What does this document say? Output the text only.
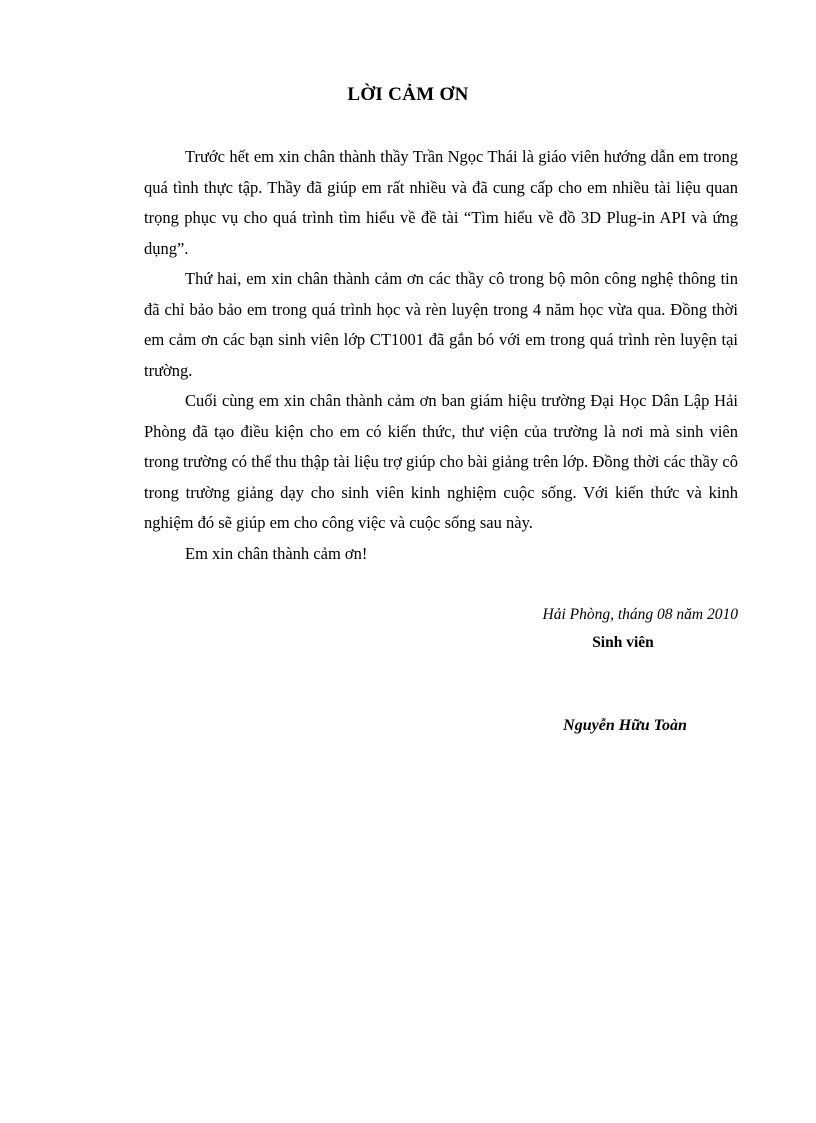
LỜI CẢM ƠN

Trước hết em xin chân thành thầy Trần Ngọc Thái là giáo viên hướng dẫn em trong quá tình thực tập. Thầy đã giúp em rất nhiều và đã cung cấp cho em nhiều tài liệu quan trọng phục vụ cho quá trình tìm hiểu về đề tài “Tìm hiểu về đồ 3D Plug-in API và ứng dụng”.

Thứ hai, em xin chân thành cảm ơn các thầy cô trong bộ môn công nghệ thông tin đã chỉ bảo bảo em trong quá trình học và rèn luyện trong 4 năm học vừa qua. Đồng thời em cảm ơn các bạn sinh viên lớp CT1001 đã gắn bó với em trong quá trình rèn luyện tại trường.

Cuối cùng em xin chân thành cảm ơn ban giám hiệu trường Đại Học Dân Lập Hải Phòng đã tạo điều kiện cho em có kiến thức, thư viện của trường là nơi mà sinh viên trong trường có thể thu thập tài liệu trợ giúp cho bài giảng trên lớp. Đồng thời các thầy cô trong trường giảng dạy cho sinh viên kinh nghiệm cuộc sống. Với kiến thức và kinh nghiệm đó sẽ giúp em cho công việc và cuộc sống sau này.

Em xin chân thành cảm ơn!

Hải Phòng, tháng 08 năm 2010
Sinh viên
Nguyễn Hữu Toàn
